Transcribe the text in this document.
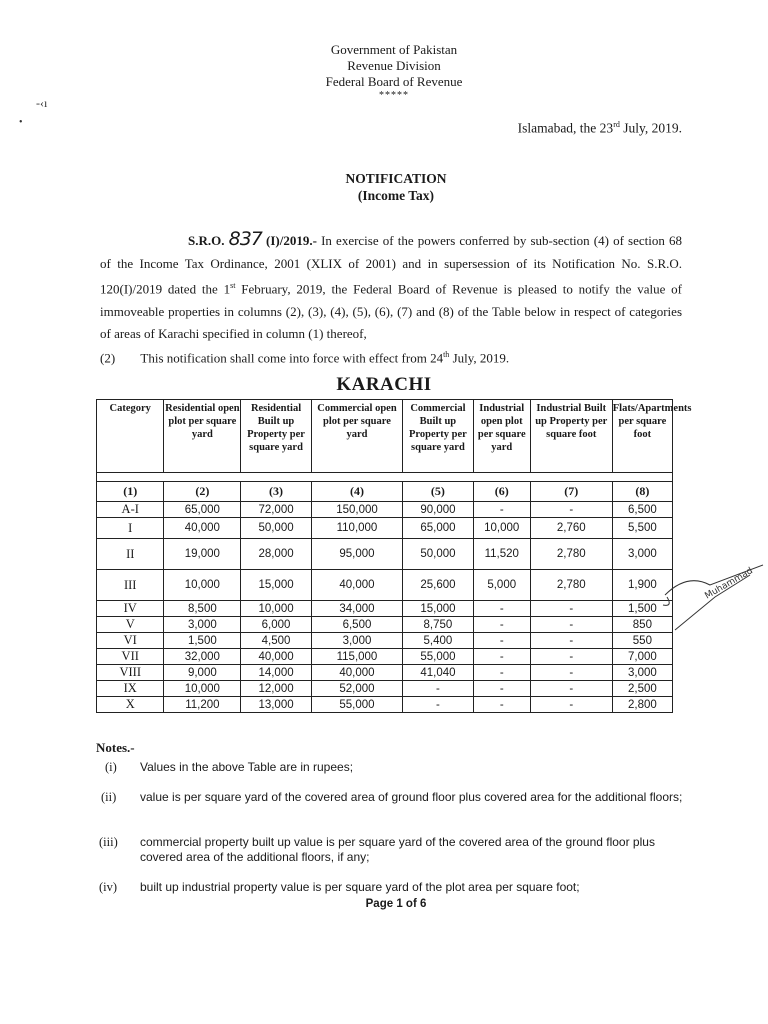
Government of Pakistan
Revenue Division
Federal Board of Revenue
*****
-‹ı
•	Islamabad, the 23rd July, 2019.
NOTIFICATION
(Income Tax)
S.R.O. 837 (I)/2019.- In exercise of the powers conferred by sub-section (4) of section 68 of the Income Tax Ordinance, 2001 (XLIX of 2001) and in supersession of its Notification No. S.R.O. 120(I)/2019 dated the 1st February, 2019, the Federal Board of Revenue is pleased to notify the value of immoveable properties in columns (2), (3), (4), (5), (6), (7) and (8) of the Table below in respect of categories of areas of Karachi specified in column (1) thereof,
(2) This notification shall come into force with effect from 24th July, 2019.
KARACHI
Category	Residential open plot per square yard	Residential Built up Property per square yard	Commercial open plot per square yard	Commercial Built up Property per square yard	Industrial open plot per square yard	Industrial Built up Property per square foot	Flats/Apartments per square foot

(1)	(2)	(3)	(4)	(5)	(6)	(7)	(8)
A-I	65,000	72,000	150,000	90,000	-	-	6,500
I	40,000	50,000	110,000	65,000	10,000	2,760	5,500
II	19,000	28,000	95,000	50,000	11,520	2,780	3,000
III	10,000	15,000	40,000	25,600	5,000	2,780	1,900
IV	8,500	10,000	34,000	15,000	-	-	1,500
V	3,000	6,000	6,500	8,750	-	-	850
VI	1,500	4,500	3,000	5,400	-	-	550
VII	32,000	40,000	115,000	55,000	-	-	7,000
VIII	9,000	14,000	40,000	41,040	-	-	3,000
IX	10,000	12,000	52,000	-	-	-	2,500
X	11,200	13,000	55,000	-	-	-	2,800
Muhammad
Notes.-
(i) Values in the above Table are in rupees;
(ii) value is per square yard of the covered area of ground floor plus covered area for the additional floors;
(iii) commercial property built up value is per square yard of the covered area of the ground floor plus covered area of the additional floors, if any;
(iv) built up industrial property value is per square yard of the plot area per square foot;
Page 1 of 6
